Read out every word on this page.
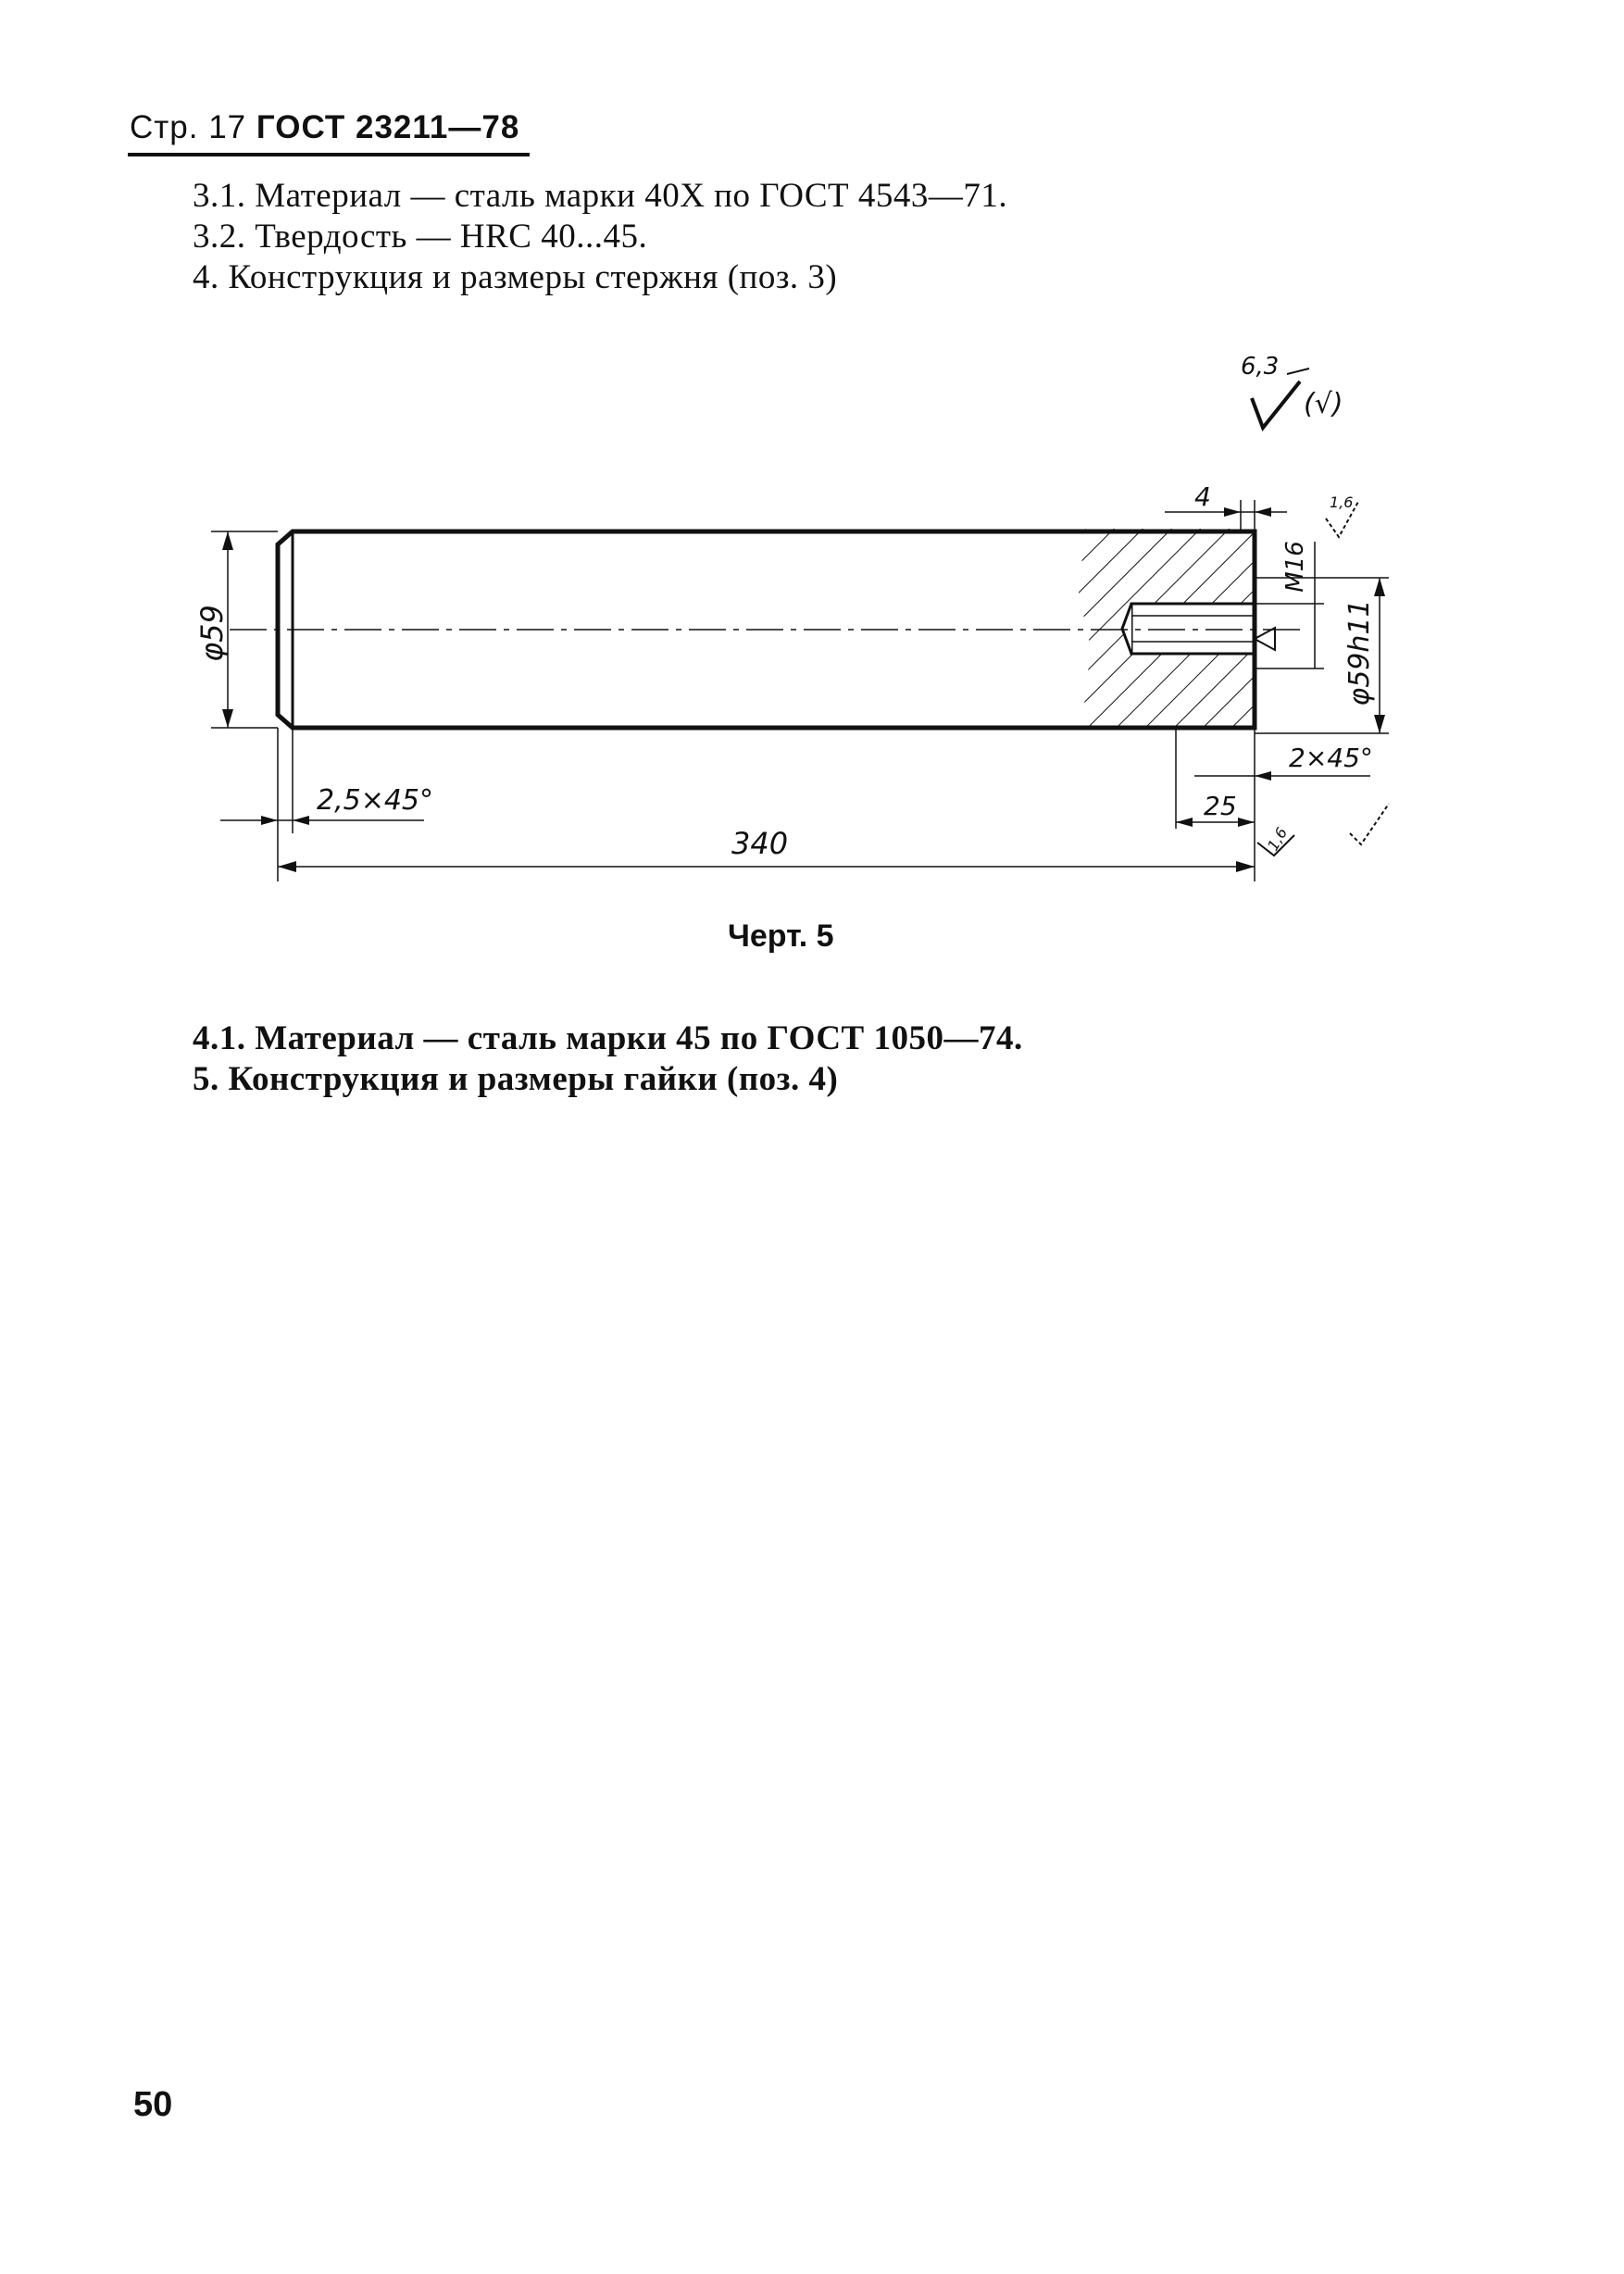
Стр. 17 ГОСТ 23211—78
3.1. Материал — сталь марки 40X по ГОСТ 4543—71.
3.2. Твердость — HRC 40...45.
4. Конструкция и размеры стержня (поз. 3)
φ59	φ59h11
M16
4
2×45°
25
2,5×45°
340
6,3
(√)
1,6
1,6
Черт. 5
4.1. Материал — сталь марки 45 по ГОСТ 1050—74.
5. Конструкция и размеры гайки (поз. 4)
50
